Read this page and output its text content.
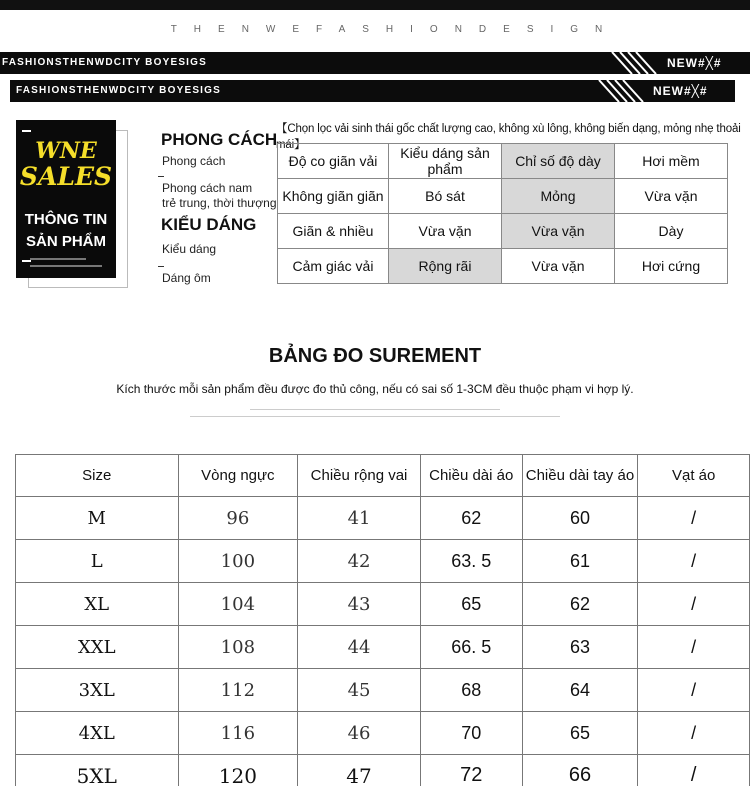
THENWEFASHIONDESIGN
FASHIONSTHENWDCITY BOYESIGS	NEW#╳#
FASHIONSTHENWDCITY BOYESIGS	NEW#╳#
WNE
SALES
THÔNG TIN
SẢN PHẨM
PHONG CÁCH
Phong cách
Phong cách nam
trẻ trung, thời thượng
KIỂU DÁNG
Kiểu dáng
Dáng ôm
【Chọn lọc vải sinh thái gốc chất lượng cao, không xù lông, không biến dạng, mỏng nhẹ thoải mái】
Độ co giãn vải	Kiểu dáng sản phẩm	Chỉ số độ dày	Hơi mềm
Không giãn giãn	Bó sát	Mỏng	Vừa vặn
Giãn & nhiều	Vừa vặn	Vừa vặn	Dày
Cảm giác vải	Rộng rãi	Vừa vặn	Hơi cứng
BẢNG ĐO SUREMENT
Kích thước mỗi sản phẩm đều được đo thủ công, nếu có sai số 1-3CM đều thuộc phạm vi hợp lý.
Size	Vòng ngực	Chiều rộng vai	Chiều dài áo	Chiều dài tay áo	Vạt áo
M	96	41	62	60	/
L	100	42	63. 5	61	/
XL	104	43	65	62	/
XXL	108	44	66. 5	63	/
3XL	112	45	68	64	/
4XL	116	46	70	65	/
5XL	120	47	72	66	/
